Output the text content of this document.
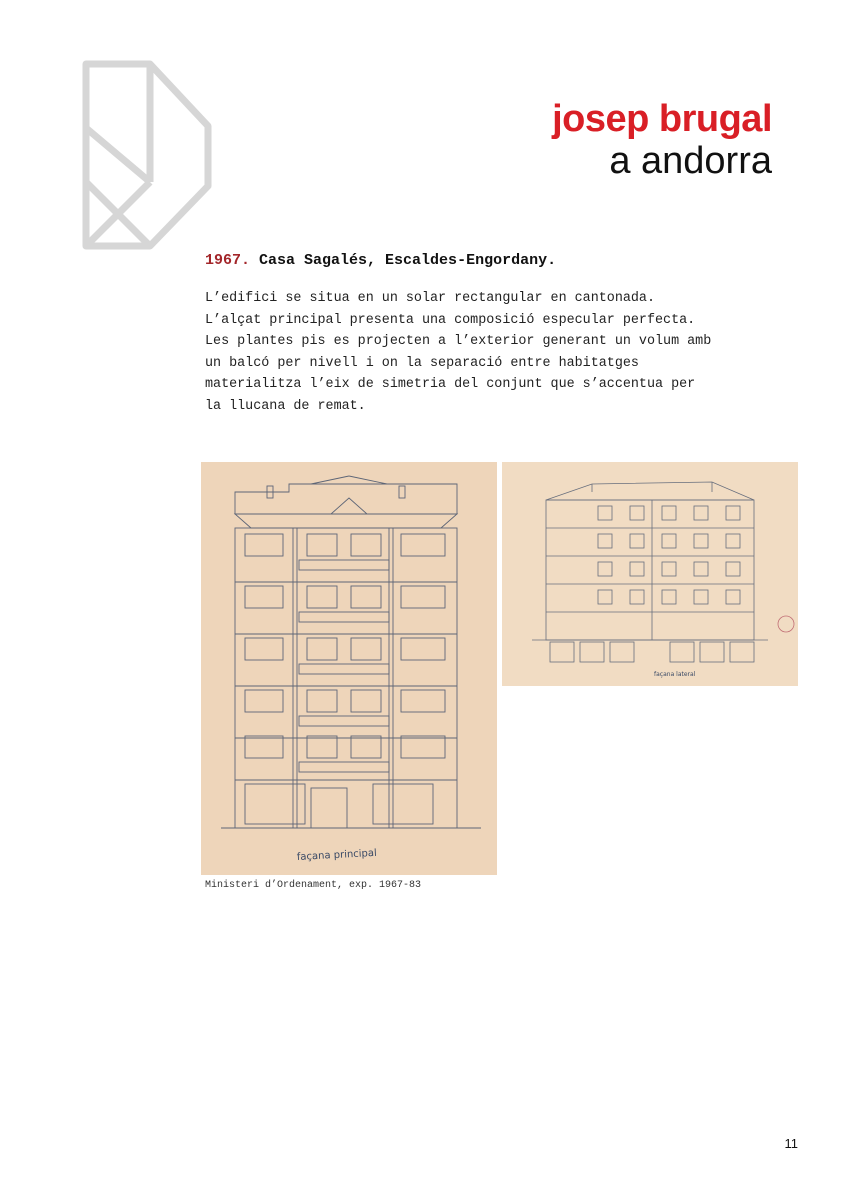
josep brugal
a andorra
1967. Casa Sagalés, Escaldes-Engordany.
L’edifici se situa en un solar rectangular en cantonada.
L’alçat principal presenta una composició especular perfecta.
Les plantes pis es projecten a l’exterior generant un volum amb
un balcó per nivell i on la separació entre habitatges
materialitza l’eix de simetria del conjunt que s’accentua per
la llucana de remat.
façana principal
façana lateral
Ministeri d’Ordenament, exp. 1967-83
11
